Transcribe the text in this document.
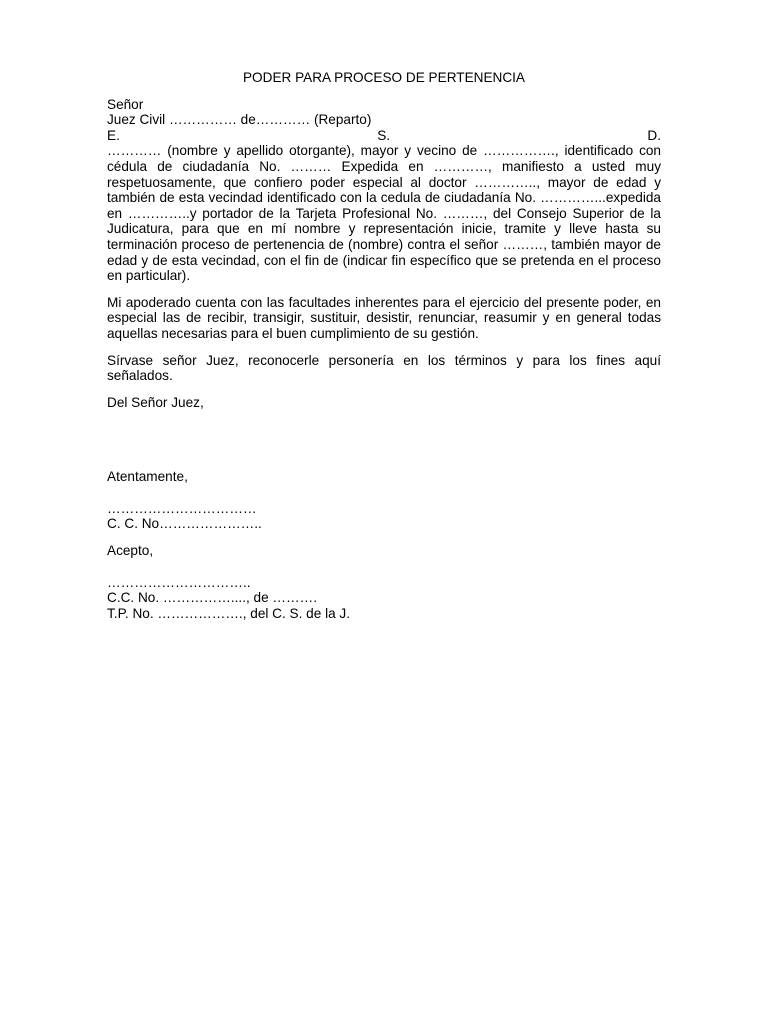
PODER PARA PROCESO DE PERTENENCIA

Señor
Juez Civil …………… de………… (Reparto)
E.	S.	D.

………… (nombre y apellido otorgante), mayor y vecino de ……………., identificado con cédula de ciudadanía No. ……… Expedida en …………, manifiesto a usted muy respetuosamente, que confiero poder especial al doctor ………….., mayor de edad y también de esta vecindad identificado con la cedula de ciudadanía No. …………...expedida en …………..y portador de la Tarjeta Profesional No. ………, del Consejo Superior de la Judicatura, para que en mí nombre y representación inicie, tramite y lleve hasta su terminación proceso de pertenencia de (nombre) contra el señor ………, también mayor de edad y de esta vecindad, con el fin de (indicar fin específico que se pretenda en el proceso en particular).

Mi apoderado cuenta con las facultades inherentes para el ejercicio del presente poder, en especial las de recibir, transigir, sustituir, desistir, renunciar, reasumir y en general todas aquellas necesarias para el buen cumplimiento de su gestión.

Sírvase señor Juez, reconocerle personería en los términos y para los fines aquí señalados.

Del Señor Juez,

Atentamente,

……………………………
C. C. No…………………..

Acepto,

…………………………..
C.C. No. ……………...., de ……….
T.P. No. ………………., del C. S. de la J.
